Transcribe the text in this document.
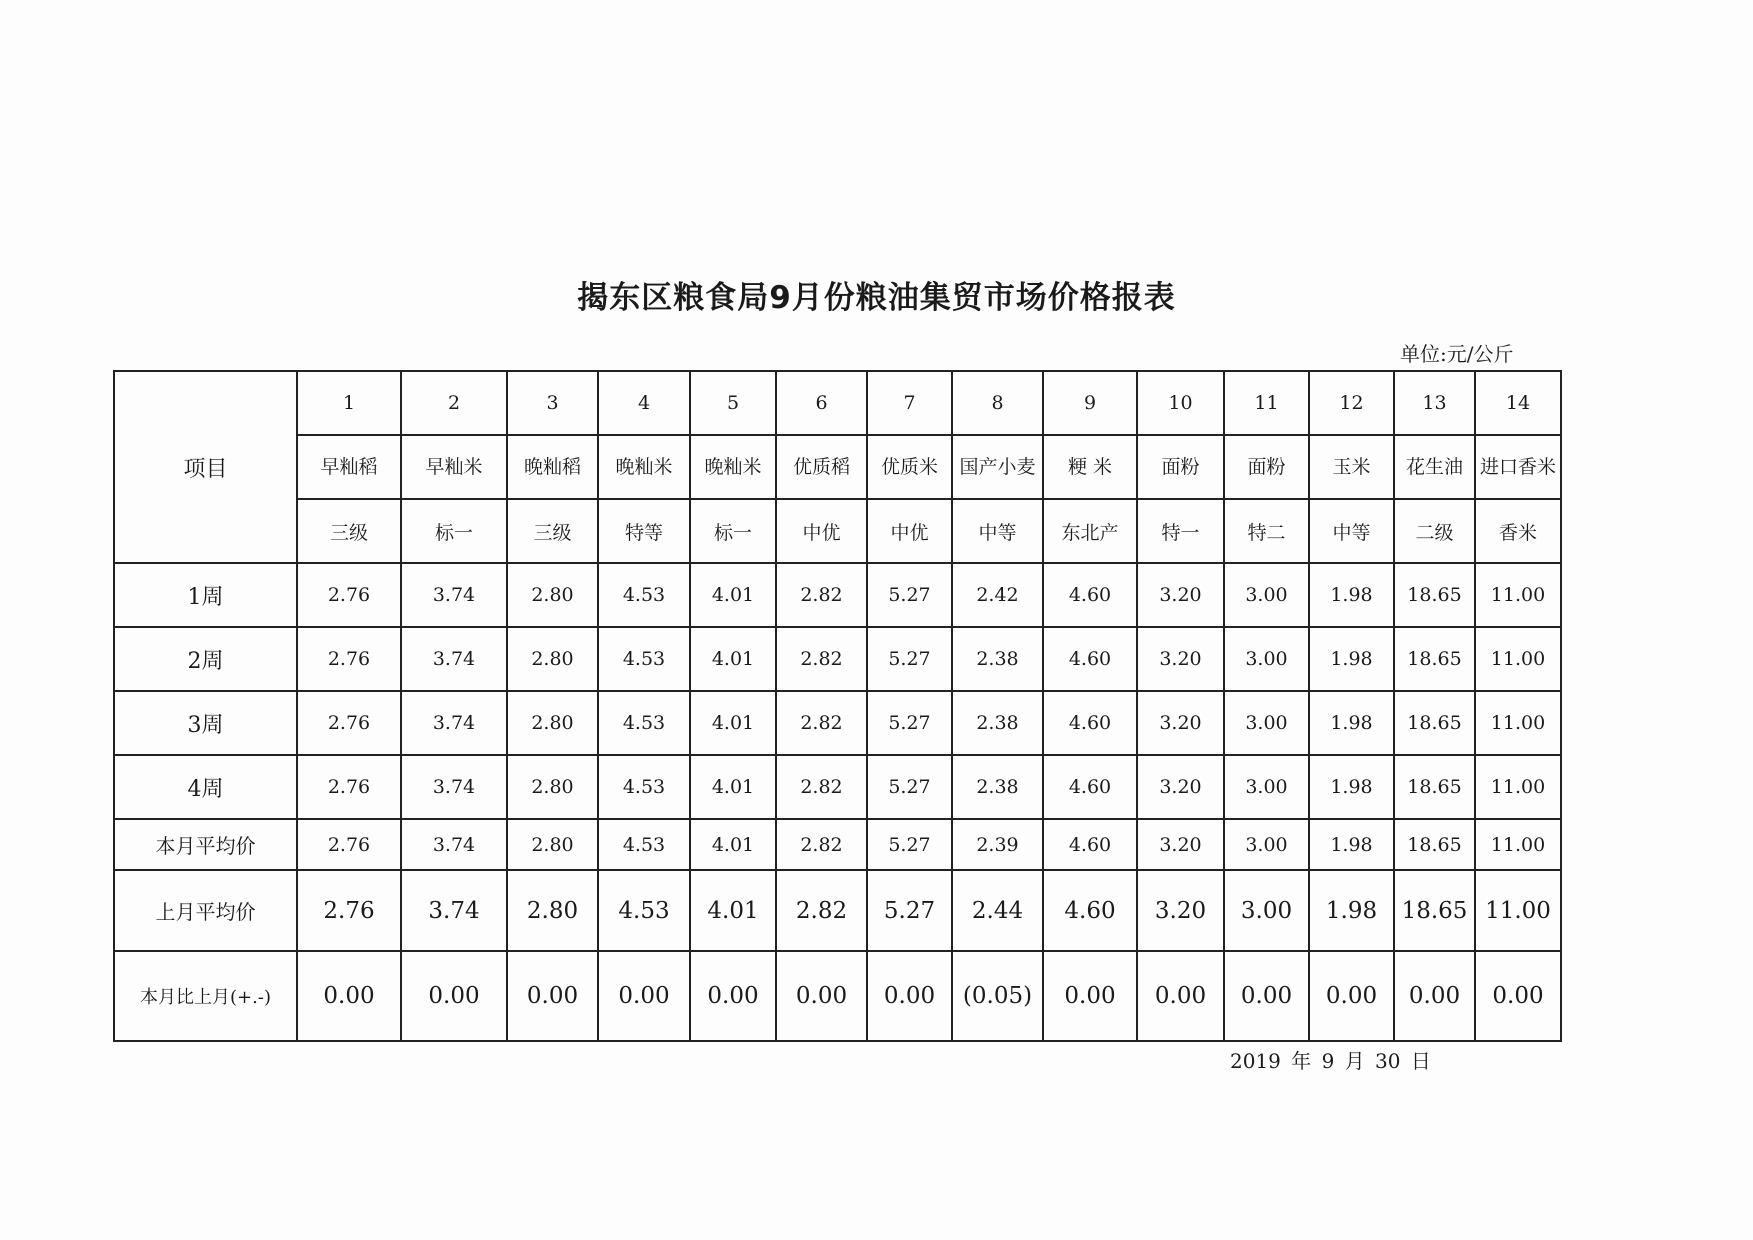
揭东区粮食局9月份粮油集贸市场价格报表
单位:元/公斤
项目	1	2	3	4	5	6	7	8	9	10	11	12	13	14
	早籼稻	早籼米	晚籼稻	晚籼米	晚籼米	优质稻	优质米	国产小麦	粳 米	面粉	面粉	玉米	花生油	进口香米
	三级	标一	三级	特等	标一	中优	中优	中等	东北产	特一	特二	中等	二级	香米
1周	2.76	3.74	2.80	4.53	4.01	2.82	5.27	2.42	4.60	3.20	3.00	1.98	18.65	11.00
2周	2.76	3.74	2.80	4.53	4.01	2.82	5.27	2.38	4.60	3.20	3.00	1.98	18.65	11.00
3周	2.76	3.74	2.80	4.53	4.01	2.82	5.27	2.38	4.60	3.20	3.00	1.98	18.65	11.00
4周	2.76	3.74	2.80	4.53	4.01	2.82	5.27	2.38	4.60	3.20	3.00	1.98	18.65	11.00
本月平均价	2.76	3.74	2.80	4.53	4.01	2.82	5.27	2.39	4.60	3.20	3.00	1.98	18.65	11.00
上月平均价	2.76	3.74	2.80	4.53	4.01	2.82	5.27	2.44	4.60	3.20	3.00	1.98	18.65	11.00
本月比上月(+.-)	0.00	0.00	0.00	0.00	0.00	0.00	0.00	(0.05)	0.00	0.00	0.00	0.00	0.00	0.00
2019 年 9 月 30 日
